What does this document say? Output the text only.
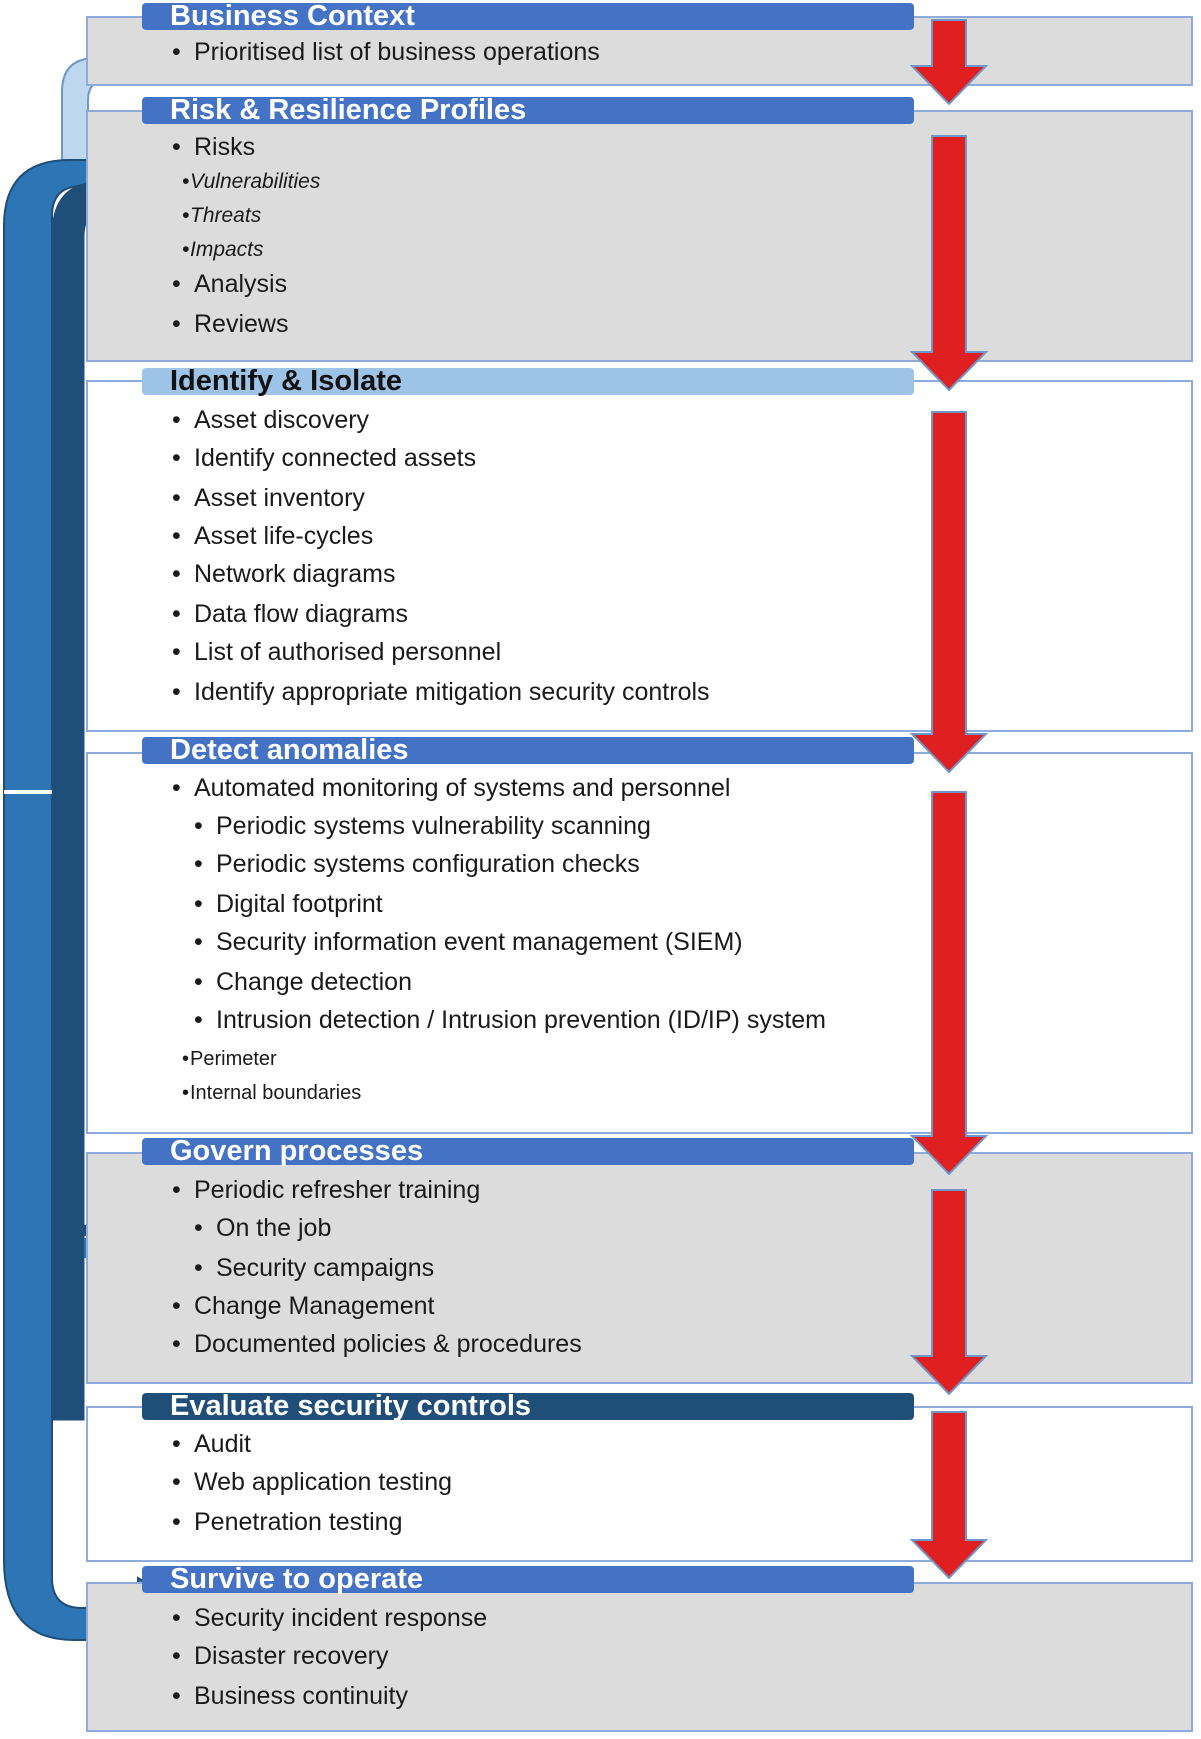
Business Context
Risk & Resilience Profiles
Identify & Isolate
Detect anomalies
Govern processes
Evaluate security controls
Survive to operate
• Prioritised list of business operations
• Risks
•Vulnerabilities
•Threats
•Impacts
• Analysis
• Reviews
• Asset discovery
• Identify connected assets
• Asset inventory
• Asset life-cycles
• Network diagrams
• Data flow diagrams
• List of authorised personnel
• Identify appropriate mitigation security controls
• Automated monitoring of systems and personnel
• Periodic systems vulnerability scanning
• Periodic systems configuration checks
• Digital footprint
• Security information event management (SIEM)
• Change detection
• Intrusion detection / Intrusion prevention (ID/IP) system
•Perimeter
•Internal boundaries
• Periodic refresher training
• On the job
• Security campaigns
• Change Management
• Documented policies & procedures
• Audit
• Web application testing
• Penetration testing
• Security incident response
• Disaster recovery
• Business continuity
